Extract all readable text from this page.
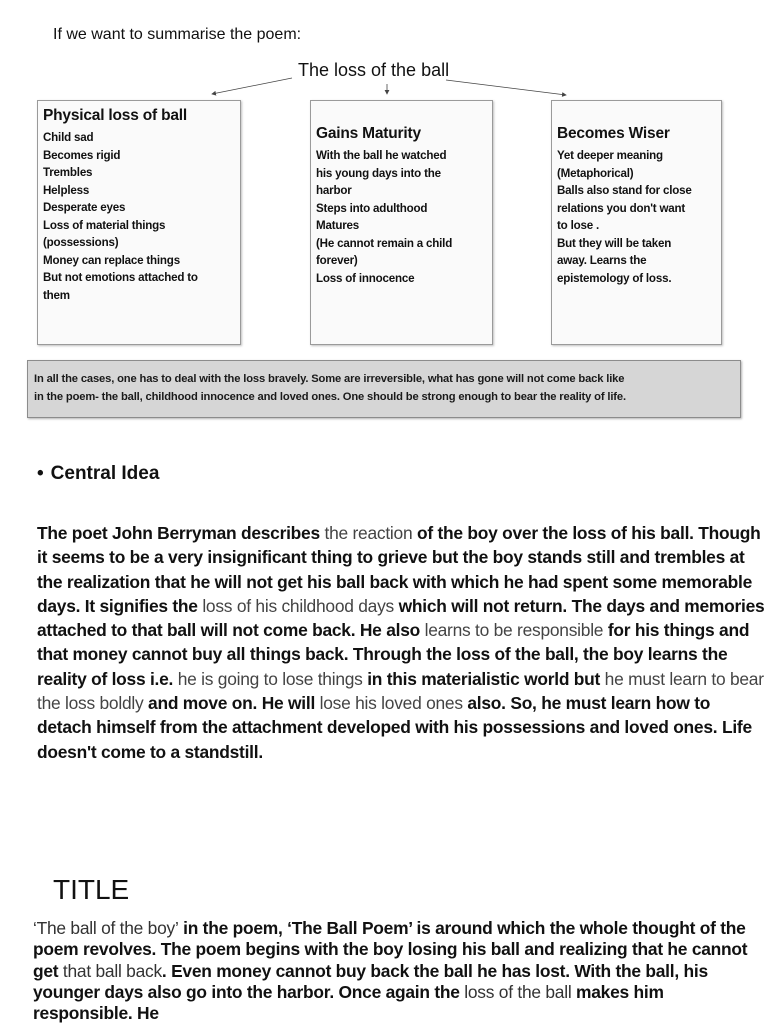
If we want to summarise the poem:
The loss of the ball
Physical loss of ball
Child sad
Becomes rigid
Trembles
Helpless
Desperate eyes
Loss of material things
(possessions)
Money can replace things
But not emotions attached to
them
Gains Maturity
With the ball he watched
his young days into the
harbor
Steps into adulthood
Matures
(He cannot remain a child
forever)
Loss of innocence
Becomes Wiser
Yet deeper meaning
(Metaphorical)
Balls also stand for close
relations you don't want
to lose .
But they will be taken
away. Learns the
epistemology of loss.
In all the cases, one has to deal with the loss bravely. Some are irreversible, what has gone will not come back like
in the poem- the ball, childhood innocence and loved ones. One should be strong enough to bear the reality of life.
• Central Idea

The poet John Berryman describes the reaction of the boy over the loss of his ball. Though it seems to be a very insignificant thing to grieve but the boy stands still and trembles at the realization that he will not get his ball back with which he had spent some memorable days. It signifies the loss of his childhood days which will not return. The days and memories attached to that ball will not come back. He also learns to be responsible for his things and that money cannot buy all things back. Through the loss of the ball, the boy learns the reality of loss i.e. he is going to lose things in this materialistic world but he must learn to bear the loss boldly and move on. He will lose his loved ones also. So, he must learn how to detach himself from the attachment developed with his possessions and loved ones. Life doesn't come to a standstill.

TITLE

‘The ball of the boy’ in the poem, ‘The Ball Poem’ is around which the whole thought of the poem revolves. The poem begins with the boy losing his ball and realizing that he cannot get that ball back. Even money cannot buy back the ball he has lost. With the ball, his younger days also go into the harbor. Once again the loss of the ball makes him responsible. He
